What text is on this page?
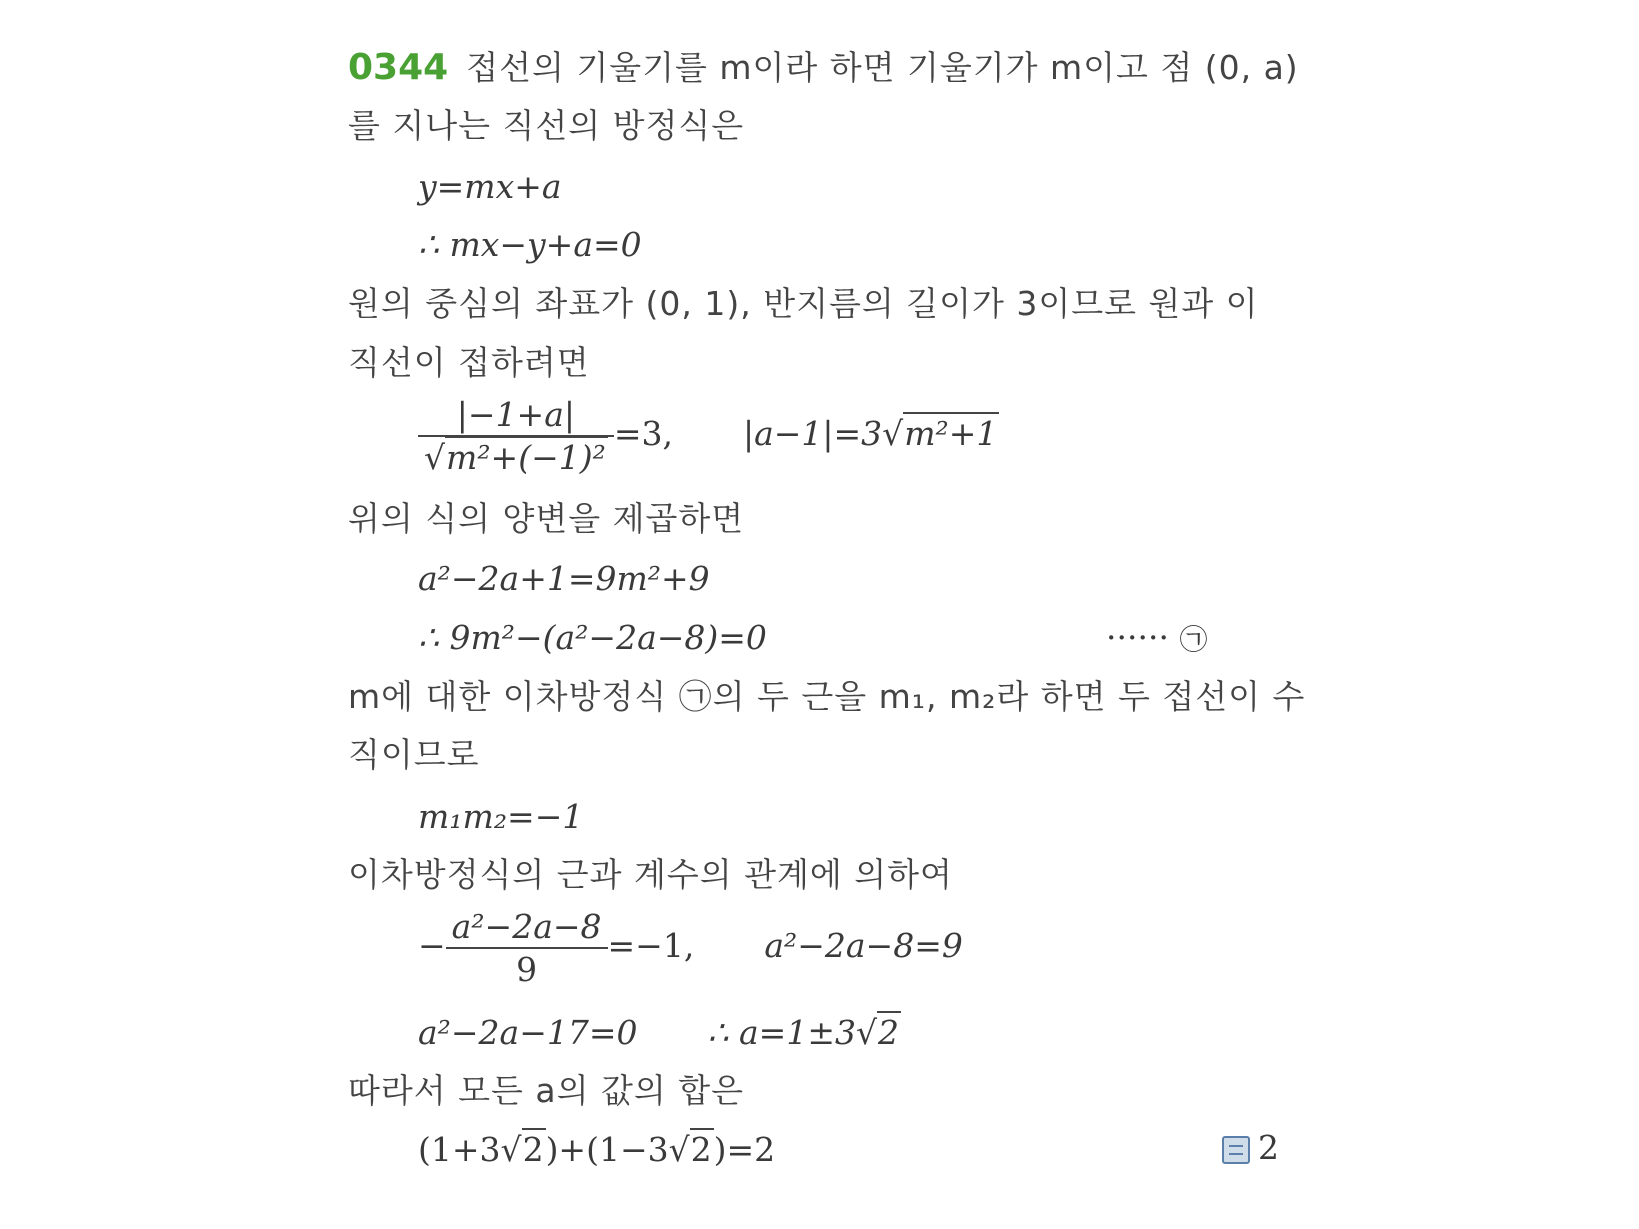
0344 접선의 기울기를 m이라 하면 기울기가 m이고 점 (0, a)
를 지나는 직선의 방정식은
y=mx+a
∴ mx−y+a=0
원의 중심의 좌표가 (0, 1), 반지름의 길이가 3이므로 원과 이
직선이 접하려면
$\frac{|-1+a|}{\text{√m²+(−1)²}} =3$, |a−1|=3√m²+1
위의 식의 양변을 제곱하면
a²−2a+1=9m²+9
∴ 9m²−(a²−2a−8)=0	······ ㉠
m에 대한 이차방정식 ㉠의 두 근을 m₁, m₂라 하면 두 접선이 수
직이므로
m₁m₂=−1
이차방정식의 근과 계수의 관계에 의하여
− $\frac{\text{a²−2a−8}}{9} =-1$, a²−2a−8=9
a²−2a−17=0 ∴ a=1±3√2
따라서 모든 a의 값의 합은
(1+3√2)+(1−3√2)=2	2
